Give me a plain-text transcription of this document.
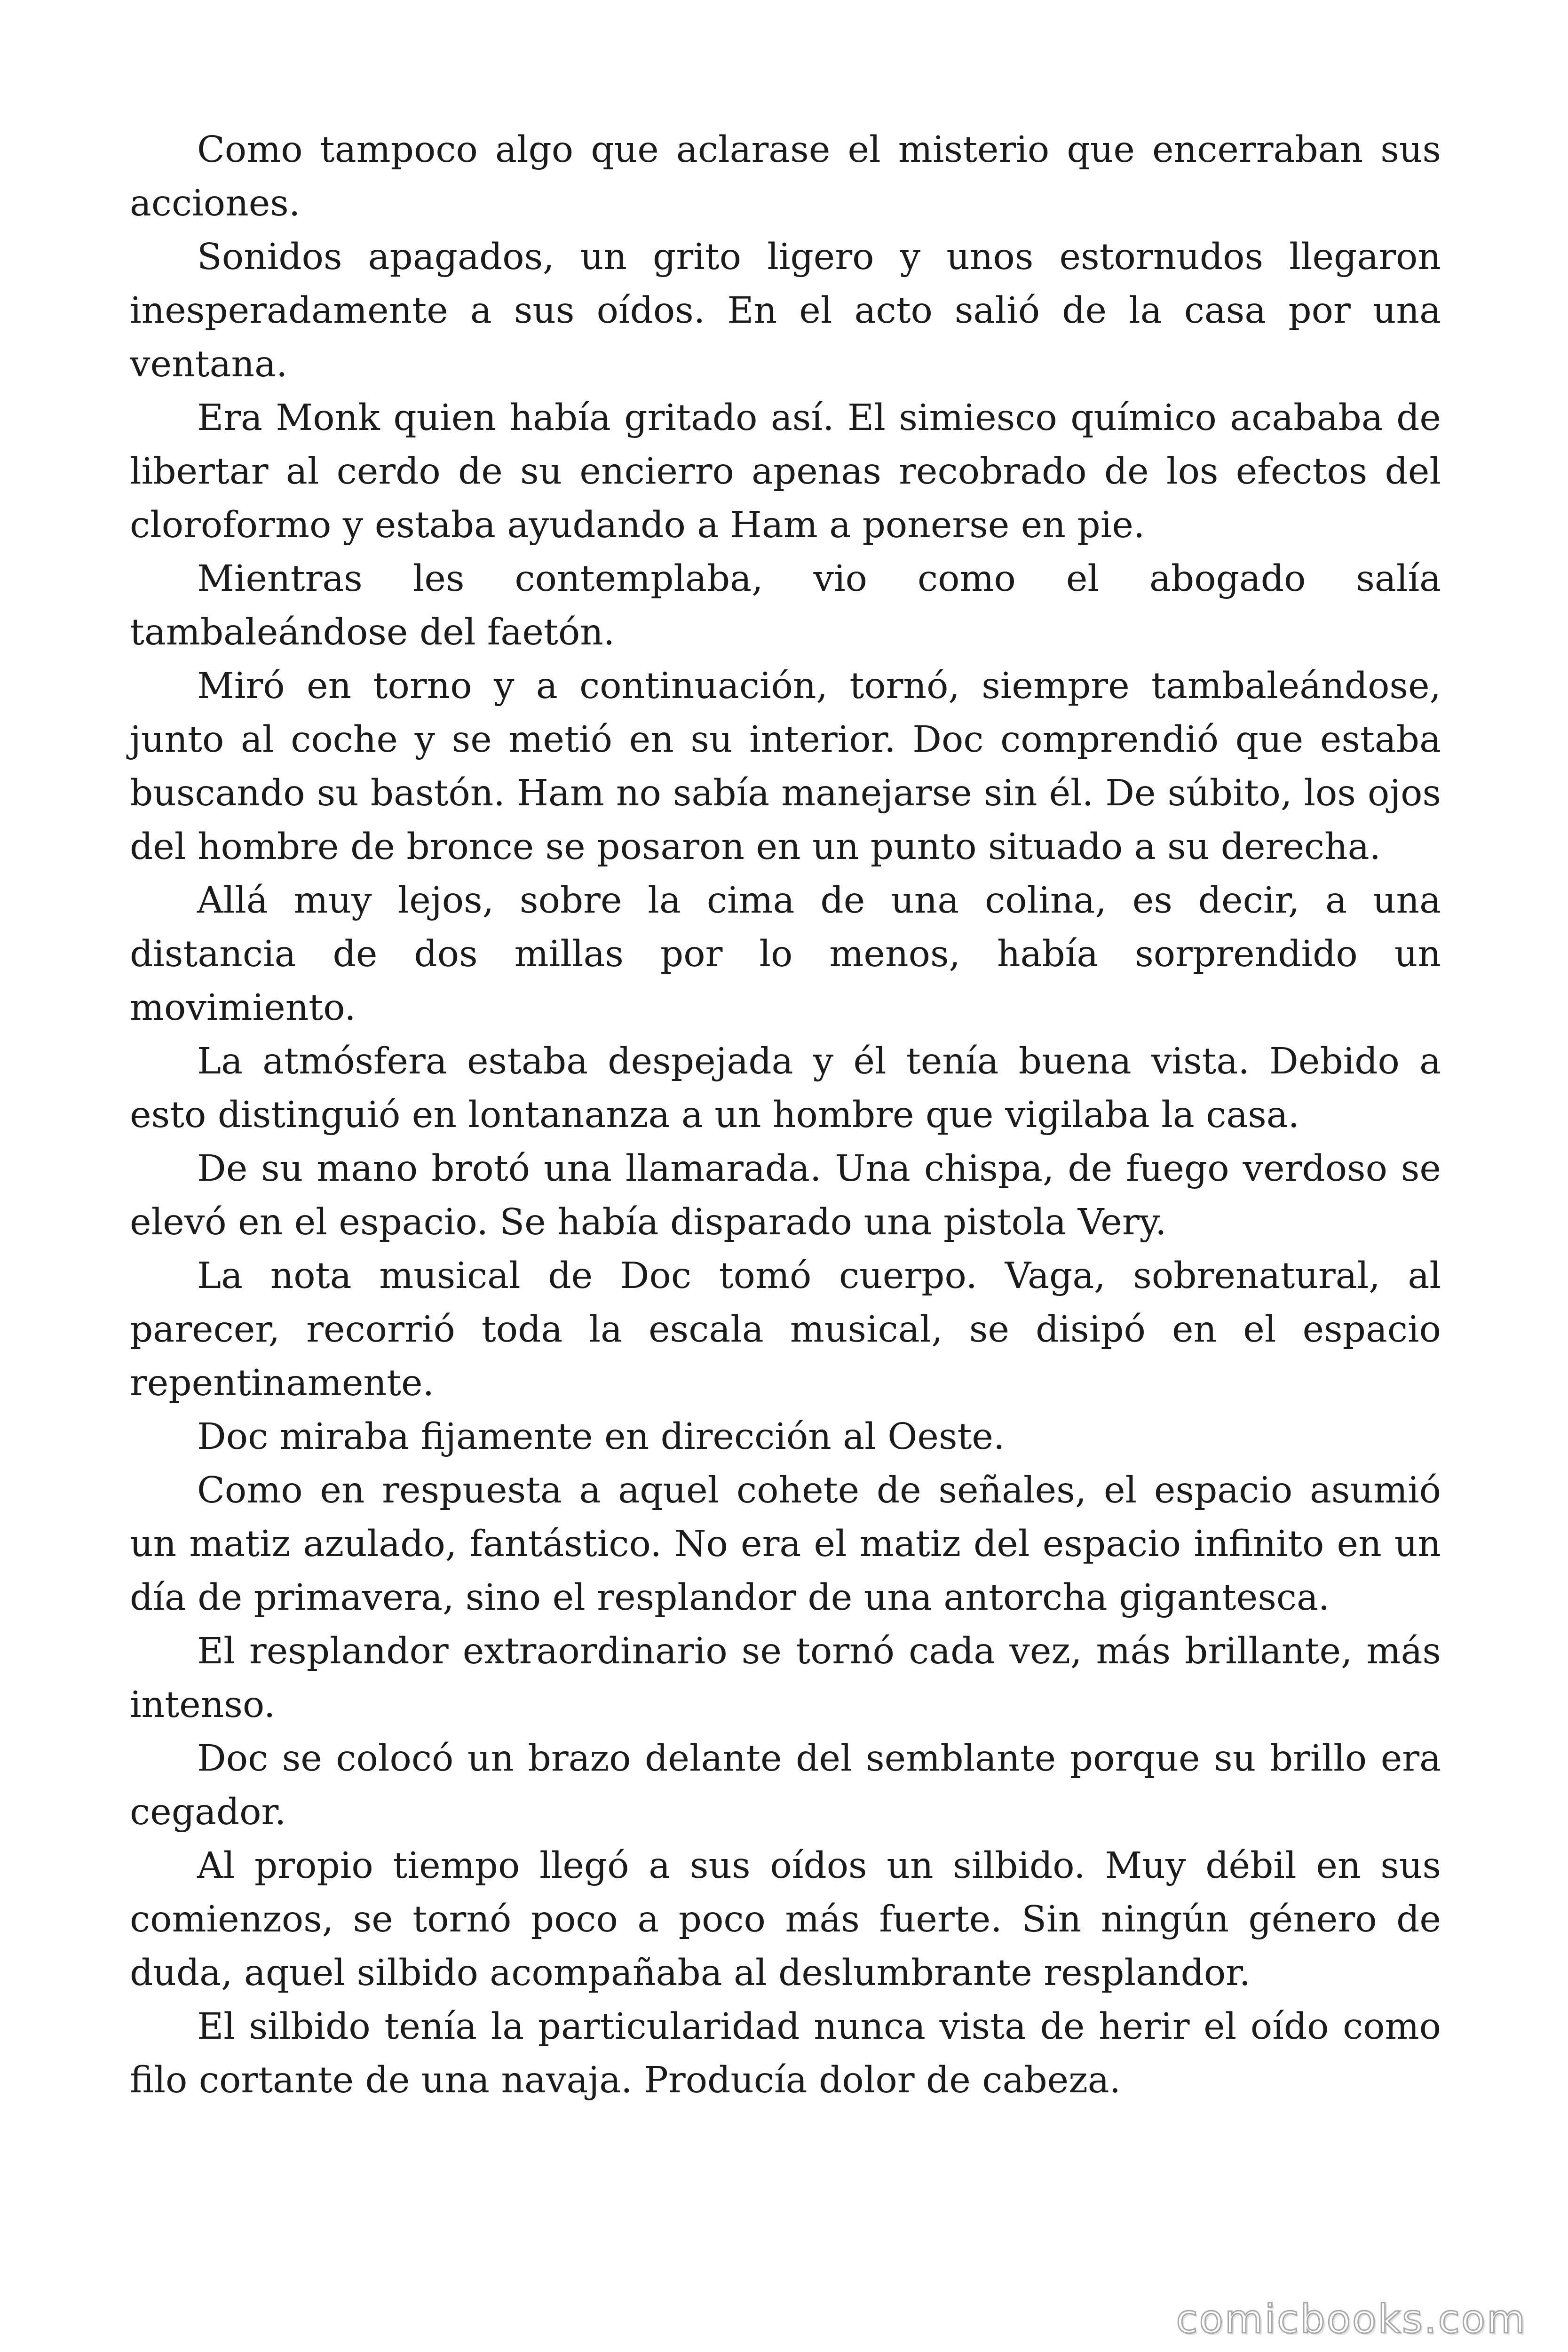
Como tampoco algo que aclarase el misterio que encerraban sus acciones.

Sonidos apagados, un grito ligero y unos estornudos llegaron inesperadamente a sus oídos. En el acto salió de la casa por una ventana.

Era Monk quien había gritado así. El simiesco químico acababa de libertar al cerdo de su encierro apenas recobrado de los efectos del cloroformo y estaba ayudando a Ham a ponerse en pie.

Mientras les contemplaba, vio como el abogado salía tambaleándose del faetón.

Miró en torno y a continuación, tornó, siempre tambaleándose, junto al coche y se metió en su interior. Doc comprendió que estaba buscando su bastón. Ham no sabía manejarse sin él. De súbito, los ojos del hombre de bronce se posaron en un punto situado a su derecha.

Allá muy lejos, sobre la cima de una colina, es decir, a una distancia de dos millas por lo menos, había sorprendido un movimiento.

La atmósfera estaba despejada y él tenía buena vista. Debido a esto distinguió en lontananza a un hombre que vigilaba la casa.

De su mano brotó una llamarada. Una chispa, de fuego verdoso se elevó en el espacio. Se había disparado una pistola Very.

La nota musical de Doc tomó cuerpo. Vaga, sobrenatural, al parecer, recorrió toda la escala musical, se disipó en el espacio repentinamente.

Doc miraba fijamente en dirección al Oeste.

Como en respuesta a aquel cohete de señales, el espacio asumió un matiz azulado, fantástico. No era el matiz del espacio infinito en un día de primavera, sino el resplandor de una antorcha gigantesca.

El resplandor extraordinario se tornó cada vez, más brillante, más intenso.

Doc se colocó un brazo delante del semblante porque su brillo era cegador.

Al propio tiempo llegó a sus oídos un silbido. Muy débil en sus comienzos, se tornó poco a poco más fuerte. Sin ningún género de duda, aquel silbido acompañaba al deslumbrante resplandor.

El silbido tenía la particularidad nunca vista de herir el oído como filo cortante de una navaja. Producía dolor de cabeza.

comicbooks.com
